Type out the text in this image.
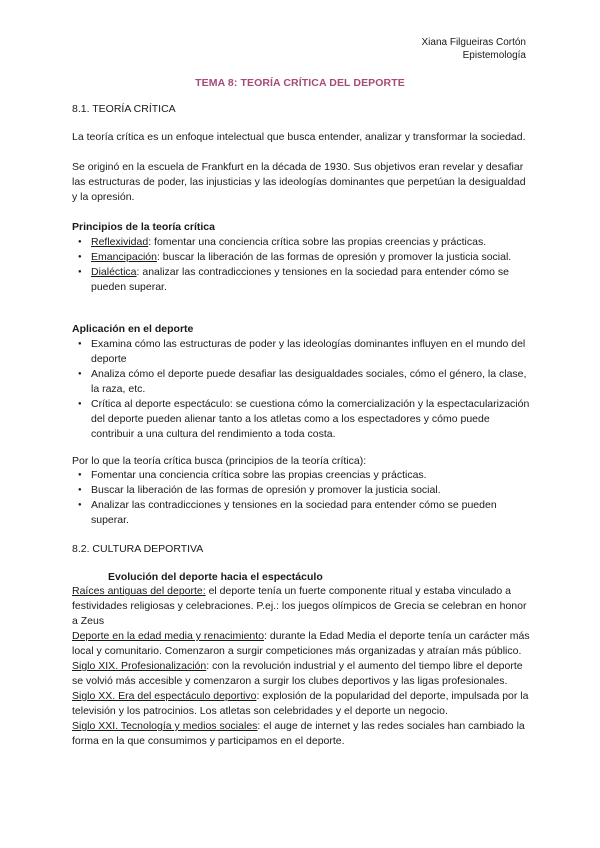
Xiana Filgueiras Cortón
Epistemología
TEMA 8: TEORÍA CRÍTICA DEL DEPORTE
8.1. TEORÍA CRÍTICA
La teoría crítica es un enfoque intelectual que busca entender, analizar y transformar la sociedad.
Se originó en la escuela de Frankfurt en la década de 1930. Sus objetivos eran revelar y desafiar las estructuras de poder, las injusticias y las ideologías dominantes que perpetúan la desigualdad y la opresión.
Principios de la teoría crítica
● Reflexividad: fomentar una conciencia crítica sobre las propias creencias y prácticas.
● Emancipación: buscar la liberación de las formas de opresión y promover la justicia social.
● Dialéctica: analizar las contradicciones y tensiones en la sociedad para entender cómo se pueden superar.
Aplicación en el deporte
● Examina cómo las estructuras de poder y las ideologías dominantes influyen en el mundo del deporte
● Analiza cómo el deporte puede desafiar las desigualdades sociales, cómo el género, la clase, la raza, etc.
● Crítica al deporte espectáculo: se cuestiona cómo la comercialización y la espectacularización del deporte pueden alienar tanto a los atletas como a los espectadores y cómo puede contribuir a una cultura del rendimiento a toda costa.
Por lo que la teoría crítica busca (principios de la teoría crítica):
● Fomentar una conciencia crítica sobre las propias creencias y prácticas.
● Buscar la liberación de las formas de opresión y promover la justicia social.
● Analizar las contradicciones y tensiones en la sociedad para entender cómo se pueden superar.
8.2. CULTURA DEPORTIVA
Evolución del deporte hacia el espectáculo
Raíces antiguas del deporte: el deporte tenía un fuerte componente ritual y estaba vinculado a festividades religiosas y celebraciones. P.ej.: los juegos olímpicos de Grecia se celebran en honor a Zeus
Deporte en la edad media y renacimiento: durante la Edad Media el deporte tenía un carácter más local y comunitario. Comenzaron a surgir competiciones más organizadas y atraían más público.
Siglo XIX. Profesionalización: con la revolución industrial y el aumento del tiempo libre el deporte se volvió más accesible y comenzaron a surgir los clubes deportivos y las ligas profesionales.
Siglo XX. Era del espectáculo deportivo: explosión de la popularidad del deporte, impulsada por la televisión y los patrocinios. Los atletas son celebridades y el deporte un negocio.
Siglo XXI. Tecnología y medios sociales: el auge de internet y las redes sociales han cambiado la forma en la que consumimos y participamos en el deporte.
